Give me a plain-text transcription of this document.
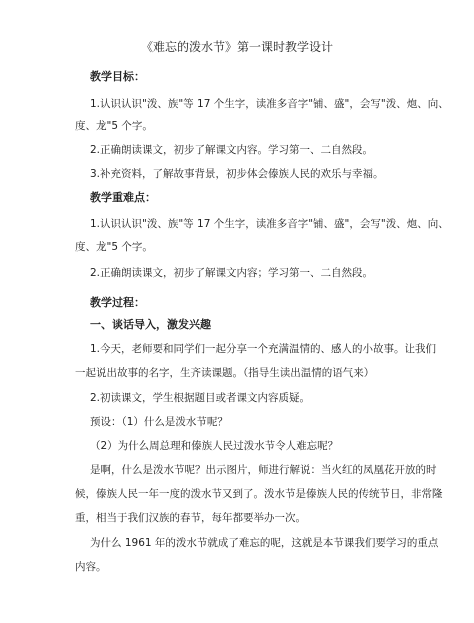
《难忘的泼水节》第一课时教学设计
教学目标：
1.认识认识"泼、族"等 17 个生字，读准多音字"铺、盛"，会写"泼、炮、向、
度、龙"5 个字。
2.正确朗读课文，初步了解课文内容。学习第一、二自然段。
3.补充资料，了解故事背景，初步体会傣族人民的欢乐与幸福。
教学重难点：
1.认识认识"泼、族"等 17 个生字，读准多音字"铺、盛"，会写"泼、炮、向、
度、龙"5 个字。
2.正确朗读课文，初步了解课文内容；学习第一、二自然段。
教学过程：
一、谈话导入，激发兴趣
1.今天，老师要和同学们一起分享一个充满温情的、感人的小故事。让我们
一起说出故事的名字，生齐读课题。（指导生读出温情的语气来）
2.初读课文，学生根据题目或者课文内容质疑。
预设：（1）什么是泼水节呢？
（2）为什么周总理和傣族人民过泼水节令人难忘呢？
是啊，什么是泼水节呢？出示图片，师进行解说：当火红的凤凰花开放的时
候，傣族人民一年一度的泼水节又到了。泼水节是傣族人民的传统节日，非常隆
重，相当于我们汉族的春节，每年都要举办一次。
为什么 1961 年的泼水节就成了难忘的呢，这就是本节课我们要学习的重点
内容。
